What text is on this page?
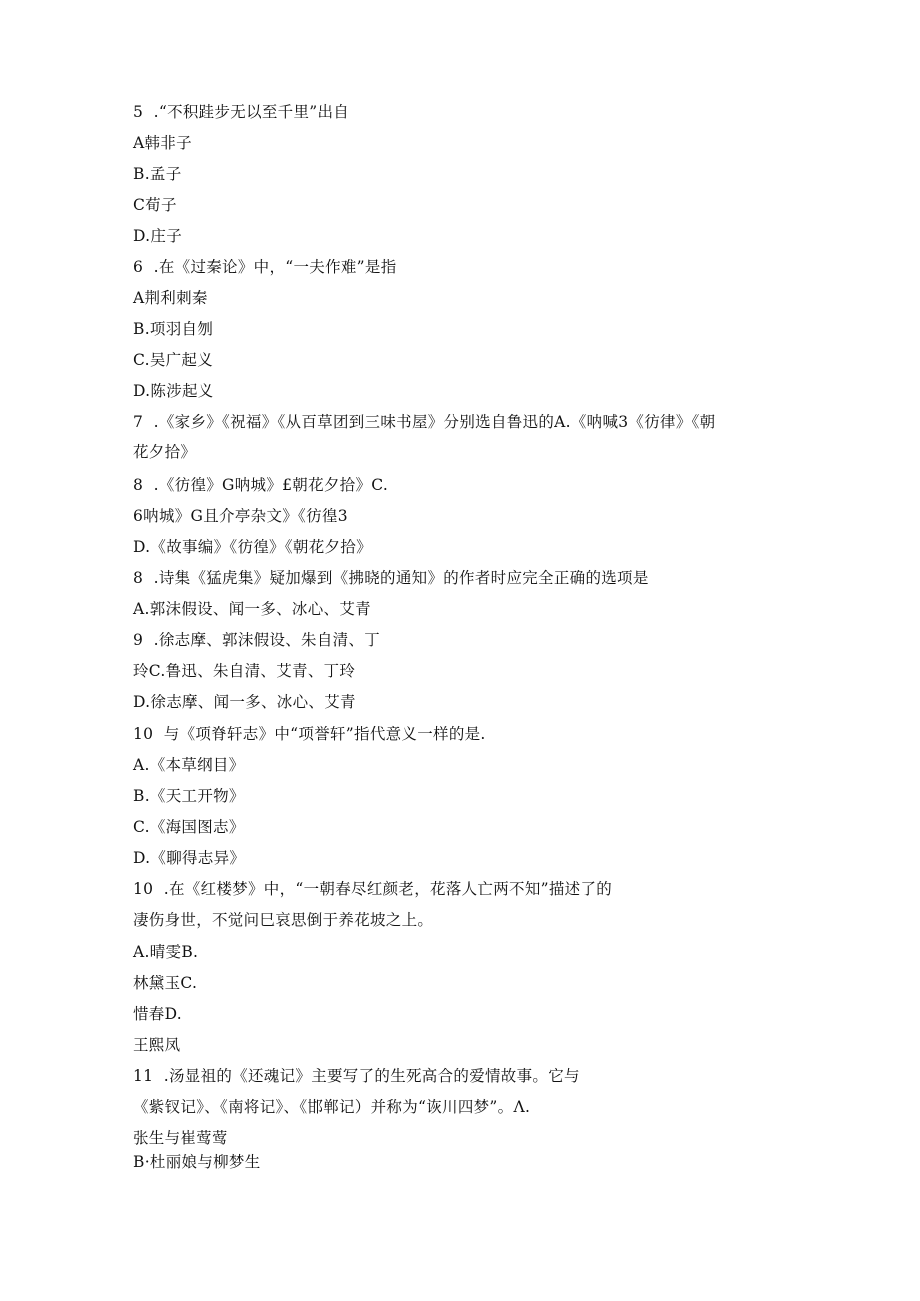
5  .“不积跬步无以至千里”出自
A韩非子
B.孟子
C荀子
D.庄子
6  .在《过秦论》中，“一夫作难”是指
A荆利刺秦
B.项羽自刎
C.吴广起义
D.陈涉起义
7  .《家乡》《祝福》《从百草团到三味书屋》分别选自鲁迅的A.《呐喊3《彷律》《朝
花夕拾》
8  .《彷徨》G呐城》£朝花夕拾》C.
6呐城》G且介亭杂文》《彷徨3
D.《故事编》《彷徨》《朝花夕拾》
8  .诗集《猛虎集》疑加爆到《拂晓的通知》的作者时应完全正确的选项是
A.郭沫假设、闻一多、冰心、艾青
9  .徐志摩、郭沫假设、朱自清、丁
玲C.鲁迅、朱自清、艾青、丁玲
D.徐志摩、闻一多、冰心、艾青
10  与《项脊轩志》中“项誉轩”指代意义一样的是.
A.《本草纲目》
B.《天工开物》
C.《海国图志》
D.《聊得志异》
10  .在《红楼梦》中，“一朝春尽红颜老，花落人亡两不知”描述了的
凄伤身世，不觉问巳哀思倒于养花坡之上。
A.晴雯B.
林黛玉C.
惜春D.
王熙凤
11  .汤显祖的《还魂记》主要写了的生死高合的爱情故事。它与
《紫钗记》、《南将记》、《邯郸记）并称为“诙川四梦”。Λ.
张生与崔莺莺
B·杜丽娘与柳梦生
